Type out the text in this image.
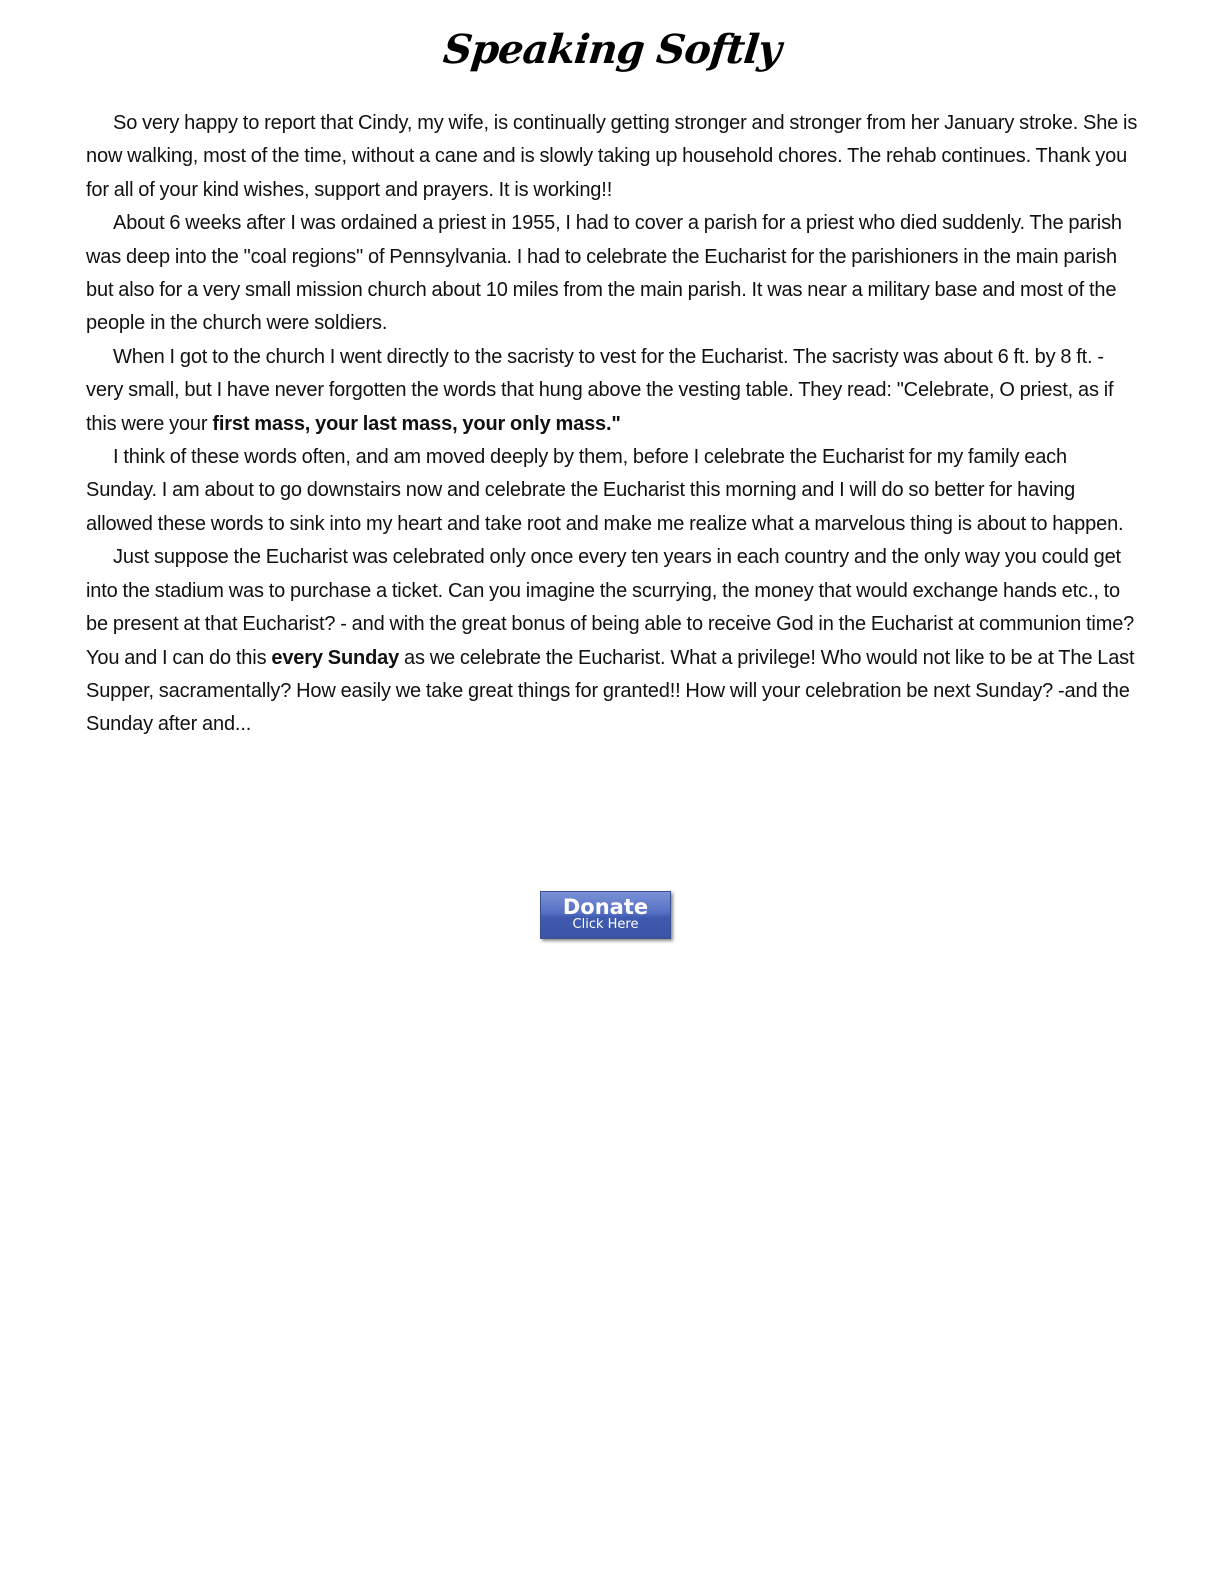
Speaking Softly

So very happy to report that Cindy, my wife, is continually getting stronger and stronger from her January stroke. She is now walking, most of the time, without a cane and is slowly taking up household chores. The rehab continues. Thank you for all of your kind wishes, support and prayers. It is working!!

About 6 weeks after I was ordained a priest in 1955, I had to cover a parish for a priest who died suddenly. The parish was deep into the "coal regions" of Pennsylvania. I had to celebrate the Eucharist for the parishioners in the main parish but also for a very small mission church about 10 miles from the main parish. It was near a military base and most of the people in the church were soldiers.

When I got to the church I went directly to the sacristy to vest for the Eucharist. The sacristy was about 6 ft. by 8 ft. -very small, but I have never forgotten the words that hung above the vesting table. They read: "Celebrate, O priest, as if this were your first mass, your last mass, your only mass."

I think of these words often, and am moved deeply by them, before I celebrate the Eucharist for my family each Sunday. I am about to go downstairs now and celebrate the Eucharist this morning and I will do so better for having allowed these words to sink into my heart and take root and make me realize what a marvelous thing is about to happen.

Just suppose the Eucharist was celebrated only once every ten years in each country and the only way you could get into the stadium was to purchase a ticket. Can you imagine the scurrying, the money that would exchange hands etc., to be present at that Eucharist? - and with the great bonus of being able to receive God in the Eucharist at communion time? You and I can do this every Sunday as we celebrate the Eucharist. What a privilege! Who would not like to be at The Last Supper, sacramentally? How easily we take great things for granted!! How will your celebration be next Sunday? -and the Sunday after and...

Donate
Click Here
